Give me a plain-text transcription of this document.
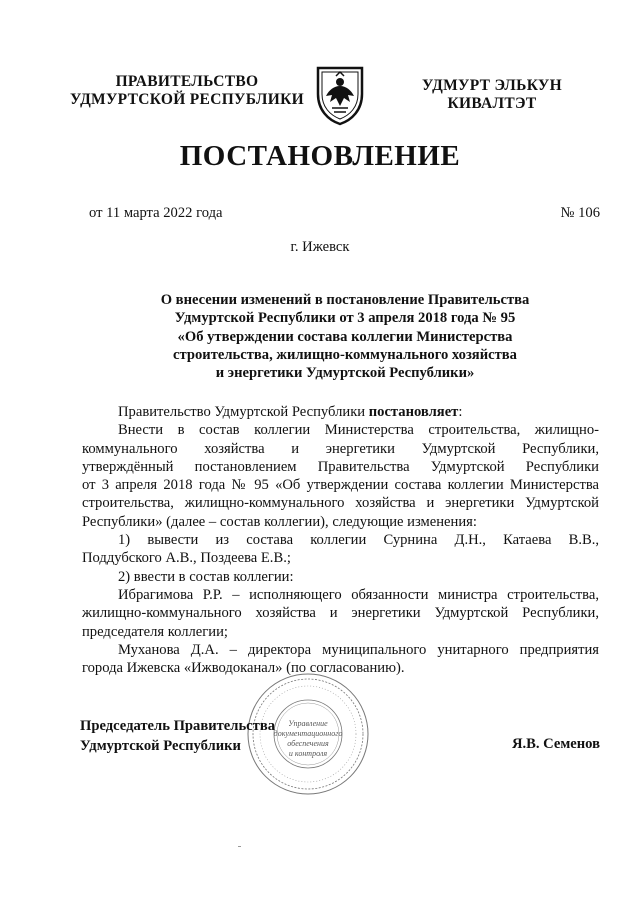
ПРАВИТЕЛЬСТВО
УДМУРТСКОЙ РЕСПУБЛИКИ
УДМУРТ ЭЛЬКУН
КИВАЛТЭТ
ПОСТАНОВЛЕНИЕ
от 11 марта 2022 года	№ 106
г. Ижевск
О внесении изменений в постановление Правительства
Удмуртской Республики от 3 апреля 2018 года № 95
«Об утверждении состава коллегии Министерства
строительства, жилищно-коммунального хозяйства
и энергетики Удмуртской Республики»

Правительство Удмуртской Республики постановляет:

Внести в состав коллегии Министерства строительства, жилищно-

коммунального хозяйства и энергетики Удмуртской Республики,

утверждённый постановлением Правительства Удмуртской Республики

от 3 апреля 2018 года № 95 «Об утверждении состава коллегии Министерства

строительства, жилищно-коммунального хозяйства и энергетики Удмуртской

Республики» (далее – состав коллегии), следующие изменения:

1) вывести из состава коллегии Сурнина Д.Н., Катаева В.В.,

Поддубского А.В., Поздеева Е.В.;

2) ввести в состав коллегии:

Ибрагимова Р.Р. – исполняющего обязанности министра строительства,

жилищно-коммунального хозяйства и энергетики Удмуртской Республики,

председателя коллегии;

Муханова Д.А. – директора муниципального унитарного предприятия

города Ижевска «Ижводоканал» (по согласованию).

Управление
документационного
обеспечения
и контроля
Председатель Правительства
Удмуртской Республики	Я.В. Семенов
